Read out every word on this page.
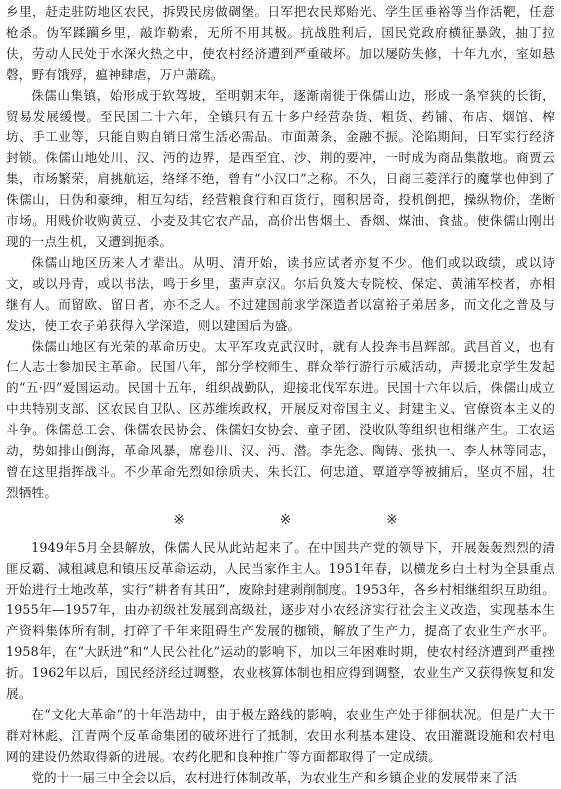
乡里，赶走驻防地区农民，拆毁民房做碉堡。日军把农民郑贻光、学生匡垂裕等当作活靶，任意枪杀。伪军蹂躏乡里，敲诈勒索，无所不用其极。抗战胜利后，国民党政府横征暴敛，抽丁拉伕，劳动人民处于水深火热之中，使农村经济遭到严重破坏。加以屡防失修，十年九水，室如悬磬，野有饿殍，瘟神肆虐，万户萧疏。

侏儒山集镇，始形成于软驾坡，至明朝末年，逐渐南徙于侏儒山边，形成一条窄狭的长街，贸易发展缓慢。至民国二十六年，全镇只有五十多户经营杂货、粗货、药铺、布店、烟馆、榨坊、手工业等，只能自购自销日常生活必需品。市面萧条，金融不振。沦陷期间，日军实行经济封锁。侏儒山地处川、汉、沔的边界，是西至宜、沙、荆的要冲，一时成为商品集散地。商贾云集，市场繁荣，肩挑航运，络绎不绝，曾有“小汉口”之称。不久，日商三菱洋行的魔掌也伸到了侏儒山，日伪和豪绅，相互勾结，经营粮食行和百货行，囤积居奇，投机倒把，操纵物价，垄断市场。用贱价收购黄豆、小麦及其它农产品，高价出售烟土、香烟、煤油、食盐。使侏儒山刚出现的一点生机，又遭到扼杀。

侏儒山地区历来人才辈出。从明、清开始，读书应试者亦复不少。他们或以政绩，或以诗文，或以丹青，或以书法，鸣于乡里，蜚声京汉。尔后负笈大专院校、保定、黄浦军校者，亦相继有人。而留欧、留日者，亦不乏人。不过建国前求学深造者以富裕子弟居多，而文化之普及与发达，使工农子弟获得入学深造，则以建国后为盛。

侏儒山地区有光荣的革命历史。太平军攻克武汉时，就有人投奔韦昌辉部。武昌首义，也有仁人志士参加民主革命。民国八年，部分学校师生、群众举行游行示威活动，声援北京学生发起的“五·四”爱国运动。民国十五年，组织战勤队，迎接北伐军东进。民国十六年以后，侏儒山成立中共特别支部、区农民自卫队、区苏维埃政权，开展反对帝国主义、封建主义、官僚资本主义的斗争。侏儒总工会、侏儒农民协会、侏儒妇女协会、童子团、没收队等组织也相继产生。工农运动，势如排山倒海，革命风暴，席卷川、汉、沔、潜。李先念、陶铸、张执一、李人林等同志，曾在这里指挥战斗。不少革命先烈如徐质夫、朱长江、何忠道、覃道亭等被捕后，坚贞不屈，壮烈牺牲。

※	※	※

1949年5月全县解放，侏儒人民从此站起来了。在中国共产党的领导下，开展轰轰烈烈的清匪反霸、减租减息和镇压反革命运动，人民当家作主人。1951年春，以横龙乡白土村为全县重点开始进行土地改革，实行“耕者有其田”，废除封建剥削制度。1953年，各乡村相继组织互助组。1955年—1957年，由办初级社发展到高级社，逐步对小农经济实行社会主义改造，实现基本生产资料集体所有制，打碎了千年来阻碍生产发展的枷锁，解放了生产力，提高了农业生产水平。1958年，在“大跃进”和“人民公社化”运动的影响下，加以三年困难时期，使农村经济遭到严重挫折。1962年以后，国民经济经过调整，农业核算体制也相应得到调整，农业生产又获得恢复和发展。

在“文化大革命”的十年浩劫中，由于极左路线的影响，农业生产处于徘徊状况。但是广大干群对林彪、江青两个反革命集团的破坏进行了抵制，农田水利基本建设、农田灌溉设施和农村电网的建设仍然取得新的进展。农药化肥和良种推广等方面都取得了一定成绩。

党的十一届三中全会以后，农村进行体制改革，为农业生产和乡镇企业的发展带来了活
